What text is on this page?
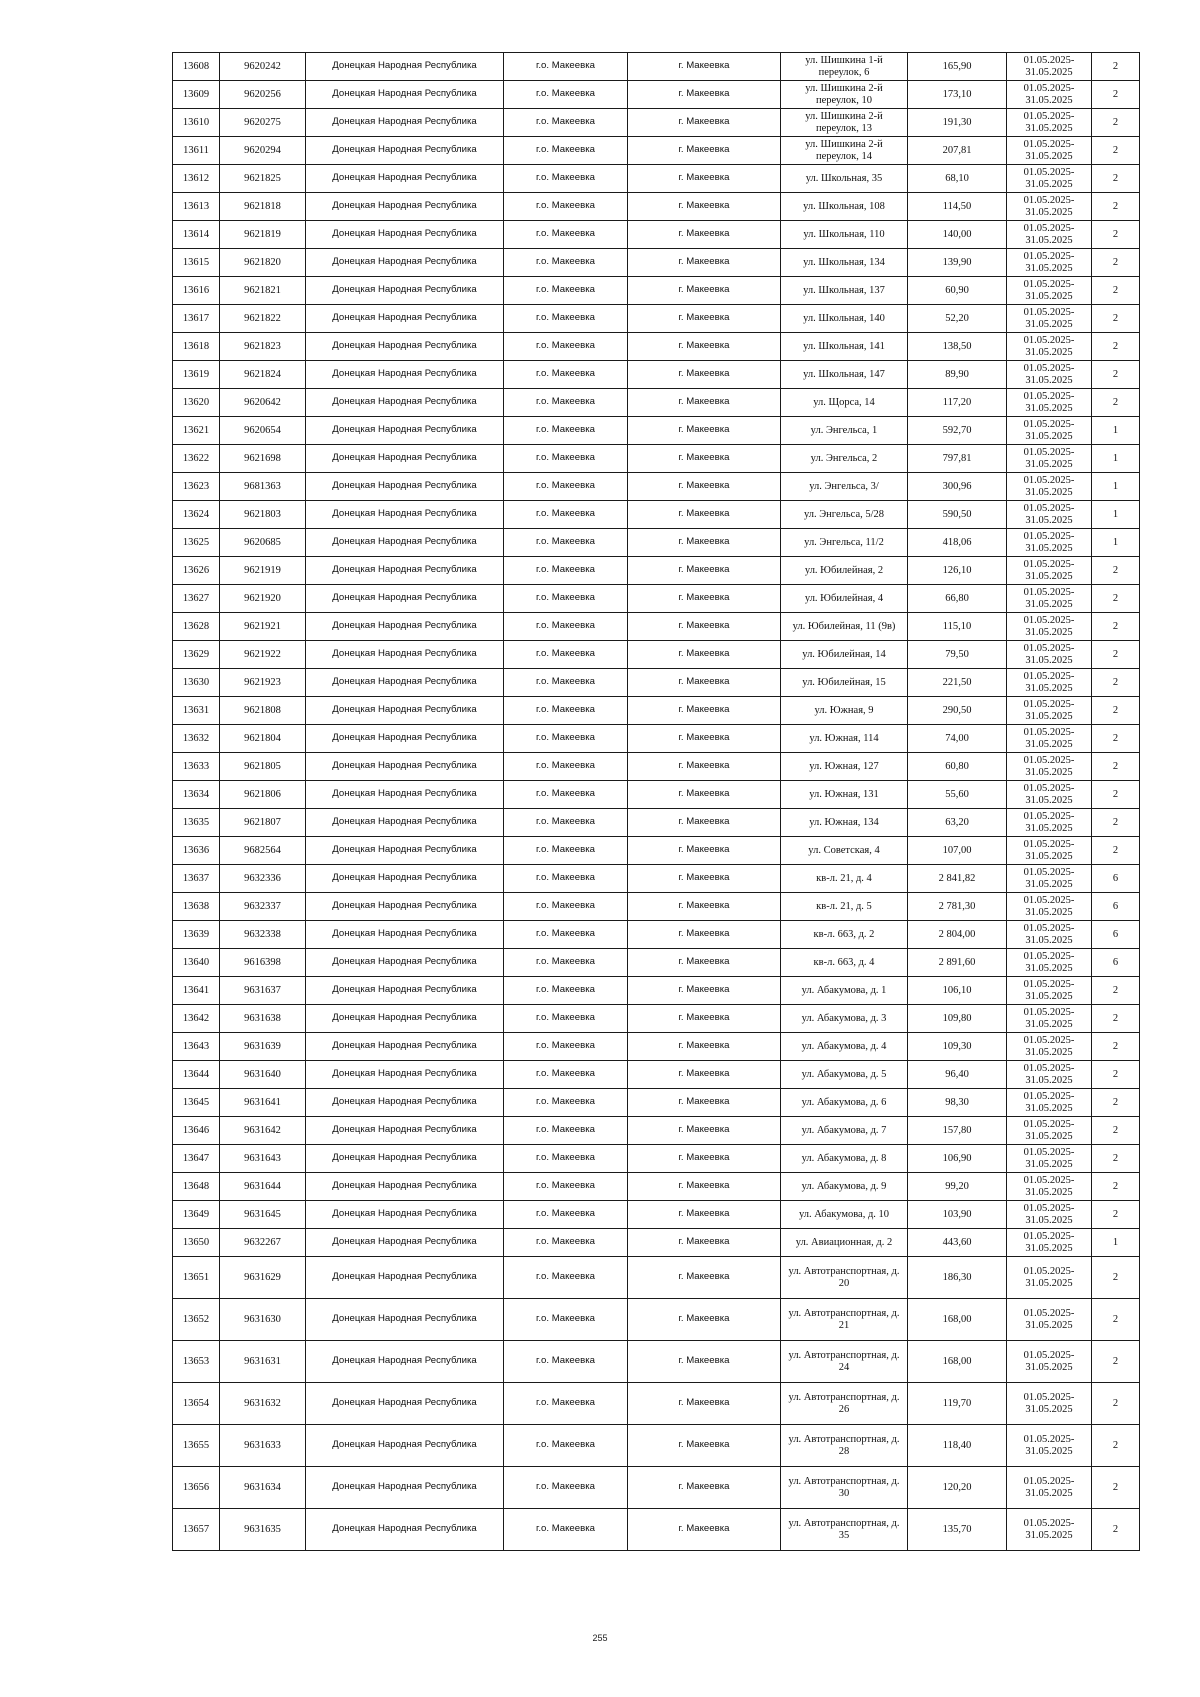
13608	9620242	Донецкая Народная Республика	г.о. Макеевка	г. Макеевка	ул. Шишкина 1-й переулок, 6	165,90	01.05.2025-31.05.2025	2
13609	9620256	Донецкая Народная Республика	г.о. Макеевка	г. Макеевка	ул. Шишкина 2-й переулок, 10	173,10	01.05.2025-31.05.2025	2
13610	9620275	Донецкая Народная Республика	г.о. Макеевка	г. Макеевка	ул. Шишкина 2-й переулок, 13	191,30	01.05.2025-31.05.2025	2
13611	9620294	Донецкая Народная Республика	г.о. Макеевка	г. Макеевка	ул. Шишкина 2-й переулок, 14	207,81	01.05.2025-31.05.2025	2
13612	9621825	Донецкая Народная Республика	г.о. Макеевка	г. Макеевка	ул. Школьная, 35	68,10	01.05.2025-31.05.2025	2
13613	9621818	Донецкая Народная Республика	г.о. Макеевка	г. Макеевка	ул. Школьная, 108	114,50	01.05.2025-31.05.2025	2
13614	9621819	Донецкая Народная Республика	г.о. Макеевка	г. Макеевка	ул. Школьная, 110	140,00	01.05.2025-31.05.2025	2
13615	9621820	Донецкая Народная Республика	г.о. Макеевка	г. Макеевка	ул. Школьная, 134	139,90	01.05.2025-31.05.2025	2
13616	9621821	Донецкая Народная Республика	г.о. Макеевка	г. Макеевка	ул. Школьная, 137	60,90	01.05.2025-31.05.2025	2
13617	9621822	Донецкая Народная Республика	г.о. Макеевка	г. Макеевка	ул. Школьная, 140	52,20	01.05.2025-31.05.2025	2
13618	9621823	Донецкая Народная Республика	г.о. Макеевка	г. Макеевка	ул. Школьная, 141	138,50	01.05.2025-31.05.2025	2
13619	9621824	Донецкая Народная Республика	г.о. Макеевка	г. Макеевка	ул. Школьная, 147	89,90	01.05.2025-31.05.2025	2
13620	9620642	Донецкая Народная Республика	г.о. Макеевка	г. Макеевка	ул. Щорса, 14	117,20	01.05.2025-31.05.2025	2
13621	9620654	Донецкая Народная Республика	г.о. Макеевка	г. Макеевка	ул. Энгельса, 1	592,70	01.05.2025-31.05.2025	1
13622	9621698	Донецкая Народная Республика	г.о. Макеевка	г. Макеевка	ул. Энгельса, 2	797,81	01.05.2025-31.05.2025	1
13623	9681363	Донецкая Народная Республика	г.о. Макеевка	г. Макеевка	ул. Энгельса, 3/	300,96	01.05.2025-31.05.2025	1
13624	9621803	Донецкая Народная Республика	г.о. Макеевка	г. Макеевка	ул. Энгельса, 5/28	590,50	01.05.2025-31.05.2025	1
13625	9620685	Донецкая Народная Республика	г.о. Макеевка	г. Макеевка	ул. Энгельса, 11/2	418,06	01.05.2025-31.05.2025	1
13626	9621919	Донецкая Народная Республика	г.о. Макеевка	г. Макеевка	ул. Юбилейная, 2	126,10	01.05.2025-31.05.2025	2
13627	9621920	Донецкая Народная Республика	г.о. Макеевка	г. Макеевка	ул. Юбилейная, 4	66,80	01.05.2025-31.05.2025	2
13628	9621921	Донецкая Народная Республика	г.о. Макеевка	г. Макеевка	ул. Юбилейная, 11 (9в)	115,10	01.05.2025-31.05.2025	2
13629	9621922	Донецкая Народная Республика	г.о. Макеевка	г. Макеевка	ул. Юбилейная, 14	79,50	01.05.2025-31.05.2025	2
13630	9621923	Донецкая Народная Республика	г.о. Макеевка	г. Макеевка	ул. Юбилейная, 15	221,50	01.05.2025-31.05.2025	2
13631	9621808	Донецкая Народная Республика	г.о. Макеевка	г. Макеевка	ул. Южная, 9	290,50	01.05.2025-31.05.2025	2
13632	9621804	Донецкая Народная Республика	г.о. Макеевка	г. Макеевка	ул. Южная, 114	74,00	01.05.2025-31.05.2025	2
13633	9621805	Донецкая Народная Республика	г.о. Макеевка	г. Макеевка	ул. Южная, 127	60,80	01.05.2025-31.05.2025	2
13634	9621806	Донецкая Народная Республика	г.о. Макеевка	г. Макеевка	ул. Южная, 131	55,60	01.05.2025-31.05.2025	2
13635	9621807	Донецкая Народная Республика	г.о. Макеевка	г. Макеевка	ул. Южная, 134	63,20	01.05.2025-31.05.2025	2
13636	9682564	Донецкая Народная Республика	г.о. Макеевка	г. Макеевка	ул. Советская, 4	107,00	01.05.2025-31.05.2025	2
13637	9632336	Донецкая Народная Республика	г.о. Макеевка	г. Макеевка	кв-л. 21, д. 4	2 841,82	01.05.2025-31.05.2025	6
13638	9632337	Донецкая Народная Республика	г.о. Макеевка	г. Макеевка	кв-л. 21, д. 5	2 781,30	01.05.2025-31.05.2025	6
13639	9632338	Донецкая Народная Республика	г.о. Макеевка	г. Макеевка	кв-л. 663, д. 2	2 804,00	01.05.2025-31.05.2025	6
13640	9616398	Донецкая Народная Республика	г.о. Макеевка	г. Макеевка	кв-л. 663, д. 4	2 891,60	01.05.2025-31.05.2025	6
13641	9631637	Донецкая Народная Республика	г.о. Макеевка	г. Макеевка	ул. Абакумова, д. 1	106,10	01.05.2025-31.05.2025	2
13642	9631638	Донецкая Народная Республика	г.о. Макеевка	г. Макеевка	ул. Абакумова, д. 3	109,80	01.05.2025-31.05.2025	2
13643	9631639	Донецкая Народная Республика	г.о. Макеевка	г. Макеевка	ул. Абакумова, д. 4	109,30	01.05.2025-31.05.2025	2
13644	9631640	Донецкая Народная Республика	г.о. Макеевка	г. Макеевка	ул. Абакумова, д. 5	96,40	01.05.2025-31.05.2025	2
13645	9631641	Донецкая Народная Республика	г.о. Макеевка	г. Макеевка	ул. Абакумова, д. 6	98,30	01.05.2025-31.05.2025	2
13646	9631642	Донецкая Народная Республика	г.о. Макеевка	г. Макеевка	ул. Абакумова, д. 7	157,80	01.05.2025-31.05.2025	2
13647	9631643	Донецкая Народная Республика	г.о. Макеевка	г. Макеевка	ул. Абакумова, д. 8	106,90	01.05.2025-31.05.2025	2
13648	9631644	Донецкая Народная Республика	г.о. Макеевка	г. Макеевка	ул. Абакумова, д. 9	99,20	01.05.2025-31.05.2025	2
13649	9631645	Донецкая Народная Республика	г.о. Макеевка	г. Макеевка	ул. Абакумова, д. 10	103,90	01.05.2025-31.05.2025	2
13650	9632267	Донецкая Народная Республика	г.о. Макеевка	г. Макеевка	ул. Авиационная, д. 2	443,60	01.05.2025-31.05.2025	1
13651	9631629	Донецкая Народная Республика	г.о. Макеевка	г. Макеевка	ул. Автотранспортная, д. 20	186,30	01.05.2025-31.05.2025	2
13652	9631630	Донецкая Народная Республика	г.о. Макеевка	г. Макеевка	ул. Автотранспортная, д. 21	168,00	01.05.2025-31.05.2025	2
13653	9631631	Донецкая Народная Республика	г.о. Макеевка	г. Макеевка	ул. Автотранспортная, д. 24	168,00	01.05.2025-31.05.2025	2
13654	9631632	Донецкая Народная Республика	г.о. Макеевка	г. Макеевка	ул. Автотранспортная, д. 26	119,70	01.05.2025-31.05.2025	2
13655	9631633	Донецкая Народная Республика	г.о. Макеевка	г. Макеевка	ул. Автотранспортная, д. 28	118,40	01.05.2025-31.05.2025	2
13656	9631634	Донецкая Народная Республика	г.о. Макеевка	г. Макеевка	ул. Автотранспортная, д. 30	120,20	01.05.2025-31.05.2025	2
13657	9631635	Донецкая Народная Республика	г.о. Макеевка	г. Макеевка	ул. Автотранспортная, д. 35	135,70	01.05.2025-31.05.2025	2
255
